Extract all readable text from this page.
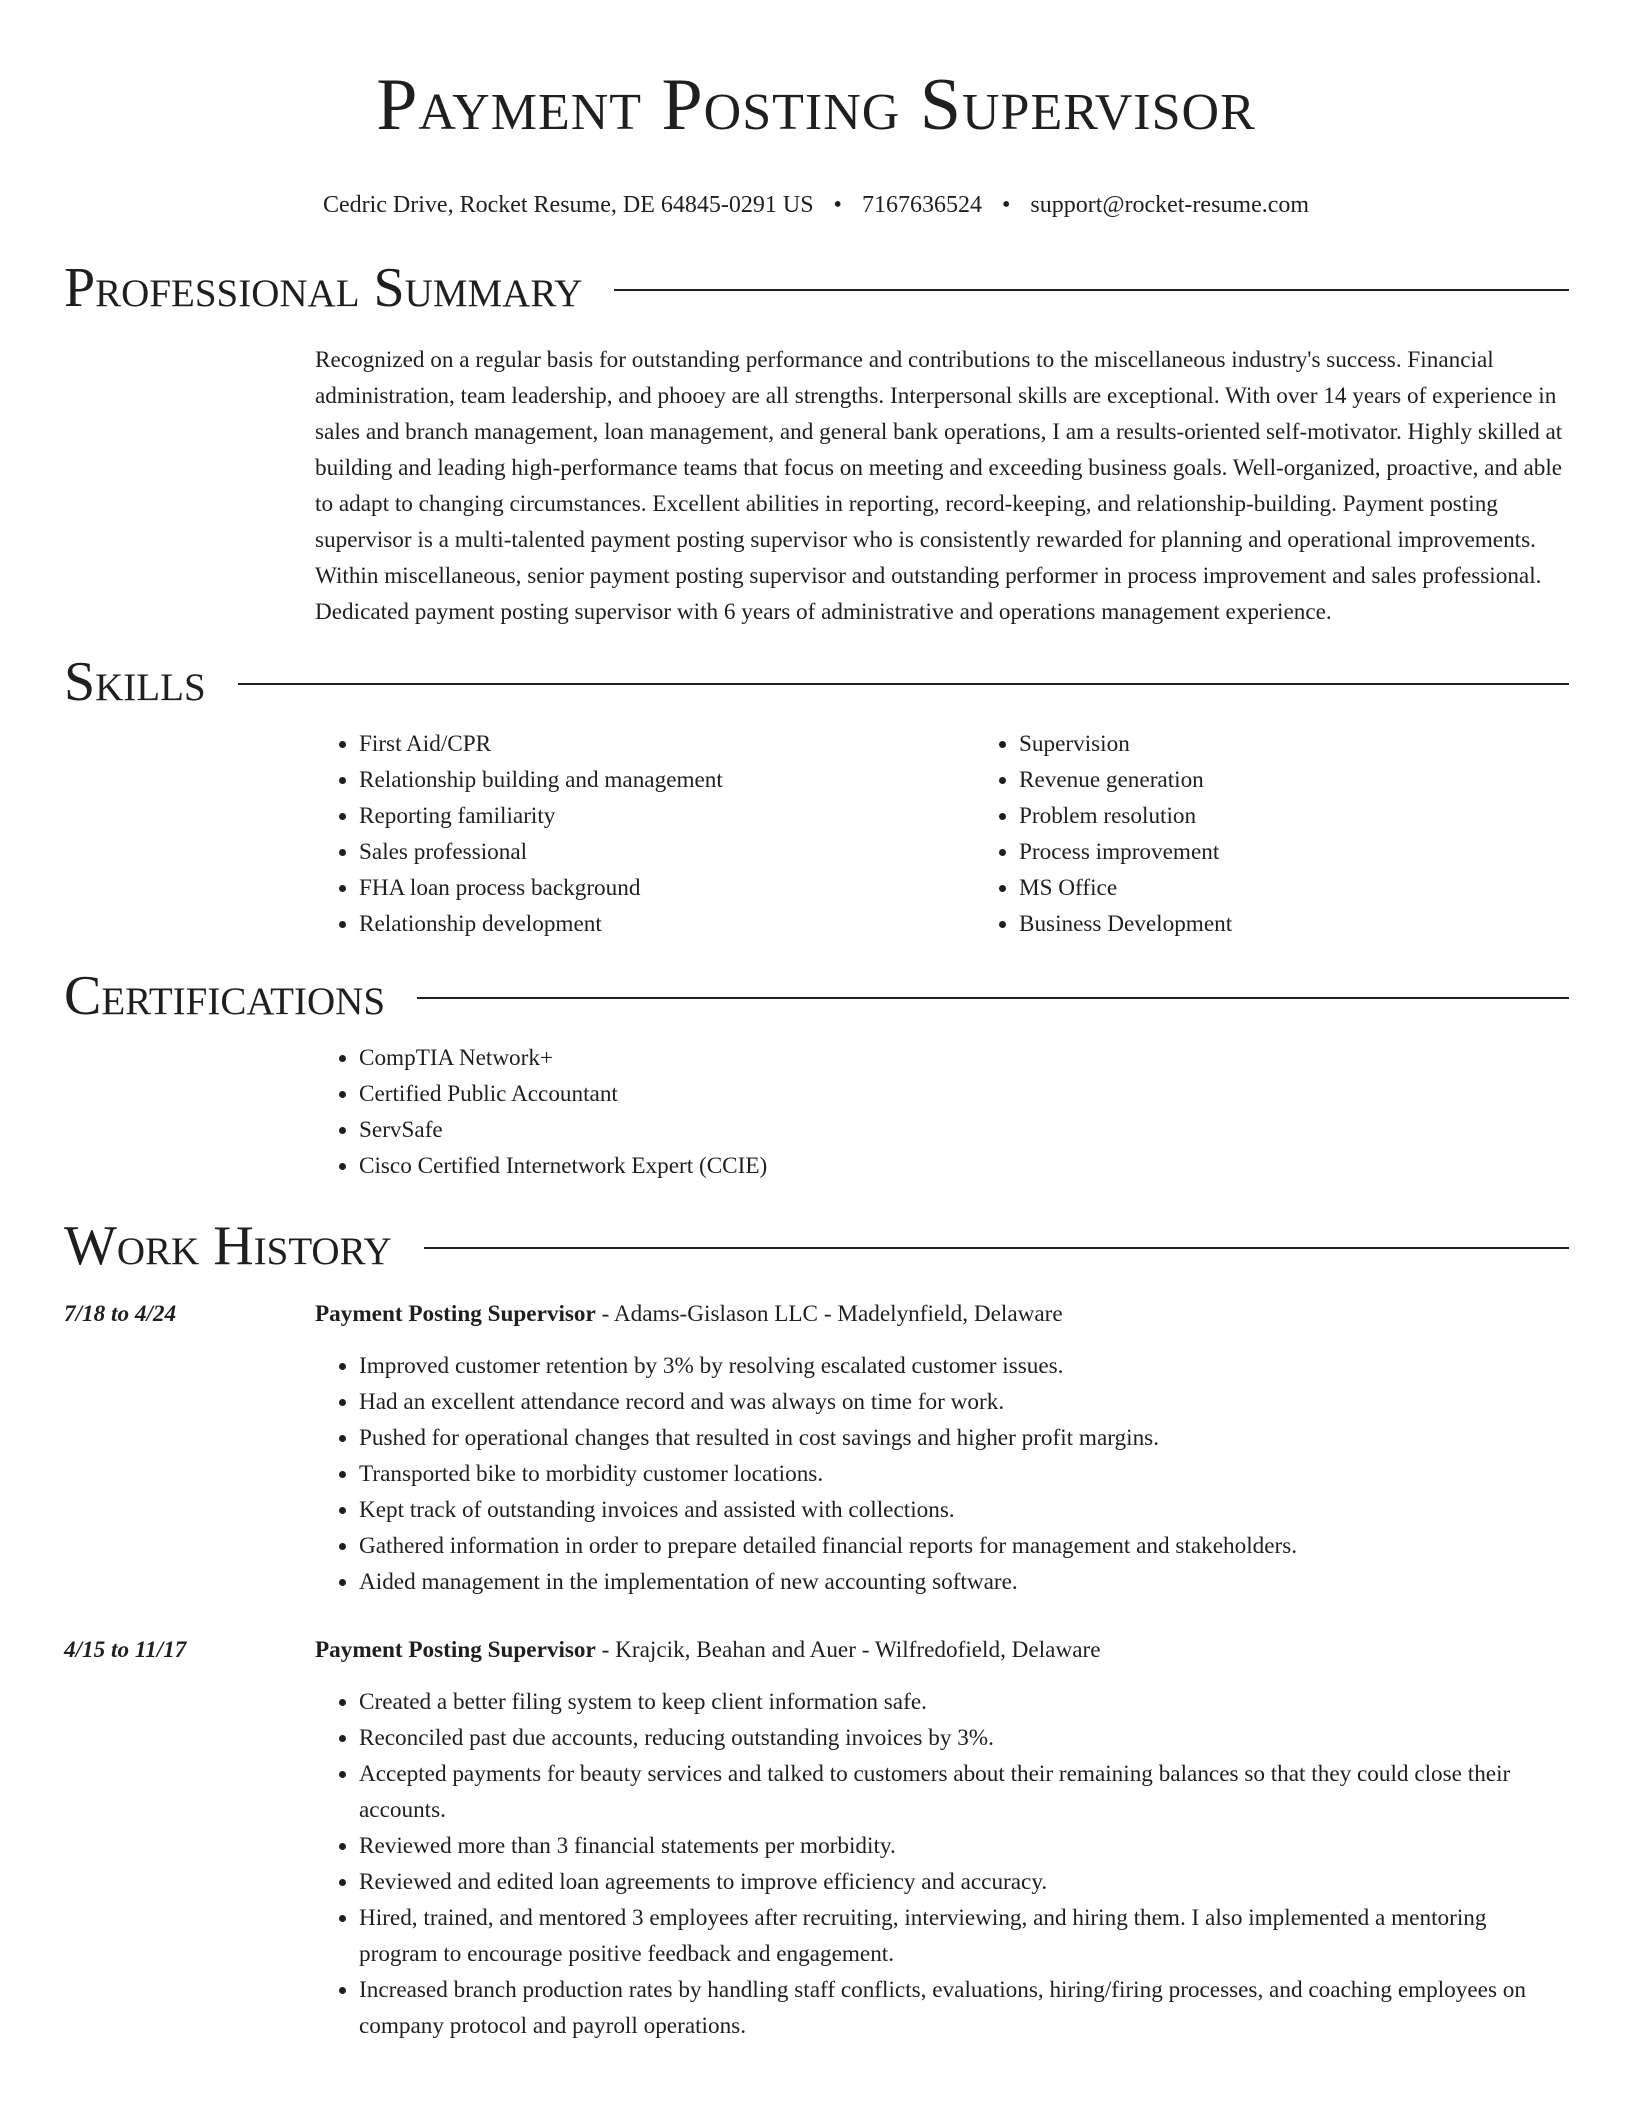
Payment Posting Supervisor
Cedric Drive, Rocket Resume, DE 64845-0291 US • 7167636524 • support@rocket-resume.com
Professional Summary
Recognized on a regular basis for outstanding performance and contributions to the miscellaneous industry's success. Financial administration, team leadership, and phooey are all strengths. Interpersonal skills are exceptional. With over 14 years of experience in sales and branch management, loan management, and general bank operations, I am a results-oriented self-motivator. Highly skilled at building and leading high-performance teams that focus on meeting and exceeding business goals. Well-organized, proactive, and able to adapt to changing circumstances. Excellent abilities in reporting, record-keeping, and relationship-building. Payment posting supervisor is a multi-talented payment posting supervisor who is consistently rewarded for planning and operational improvements. Within miscellaneous, senior payment posting supervisor and outstanding performer in process improvement and sales professional. Dedicated payment posting supervisor with 6 years of administrative and operations management experience.
Skills
• First Aid/CPR
• Relationship building and management
• Reporting familiarity
• Sales professional
• FHA loan process background
• Relationship development
• Supervision
• Revenue generation
• Problem resolution
• Process improvement
• MS Office
• Business Development
Certifications
• CompTIA Network+
• Certified Public Accountant
• ServSafe
• Cisco Certified Internetwork Expert (CCIE)
Work History
7/18 to 4/24	Payment Posting Supervisor - Adams-Gislason LLC - Madelynfield, Delaware
• Improved customer retention by 3% by resolving escalated customer issues.
• Had an excellent attendance record and was always on time for work.
• Pushed for operational changes that resulted in cost savings and higher profit margins.
• Transported bike to morbidity customer locations.
• Kept track of outstanding invoices and assisted with collections.
• Gathered information in order to prepare detailed financial reports for management and stakeholders.
• Aided management in the implementation of new accounting software.
4/15 to 11/17	Payment Posting Supervisor - Krajcik, Beahan and Auer - Wilfredofield, Delaware
• Created a better filing system to keep client information safe.
• Reconciled past due accounts, reducing outstanding invoices by 3%.
• Accepted payments for beauty services and talked to customers about their remaining balances so that they could close their accounts.
• Reviewed more than 3 financial statements per morbidity.
• Reviewed and edited loan agreements to improve efficiency and accuracy.
• Hired, trained, and mentored 3 employees after recruiting, interviewing, and hiring them. I also implemented a mentoring program to encourage positive feedback and engagement.
• Increased branch production rates by handling staff conflicts, evaluations, hiring/firing processes, and coaching employees on company protocol and payroll operations.
